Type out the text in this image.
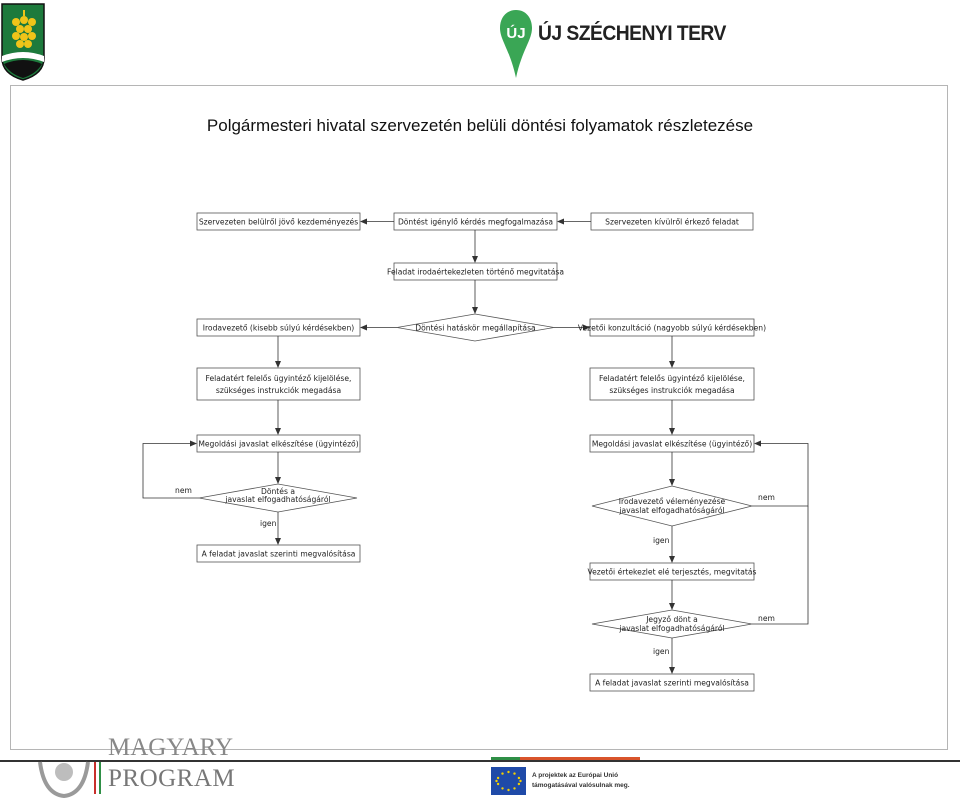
ÚJ ÚJ SZÉCHENYI TERV
Polgármesteri hivatal szervezetén belüli döntési folyamatok részletezése
Szervezeten belülről jövő kezdeményezés	Döntést igénylő kérdés megfogalmazása	Szervezeten kívülről érkező feladat
Feladat irodaértekezleten történő megvitatása
Irodavezető (kisebb súlyú kérdésekben)	Döntési hatáskör megállapítása	Vezetői konzultáció (nagyobb súlyú kérdésekben)
Feladatért felelős ügyintéző kijelölése,
szükséges instrukciók megadása
Feladatért felelős ügyintéző kijelölése,
szükséges instrukciók megadása
Megoldási javaslat elkészítése (ügyintéző)	Megoldási javaslat elkészítése (ügyintéző)
Döntés a
javaslat elfogadhatóságáról	Irodavezető véleményezése
javaslat elfogadhatóságáról
A feladat javaslat szerinti megvalósítása
Vezetői értekezlet elé terjesztés, megvitatás
Jegyző dönt a
javaslat elfogadhatóságáról
A feladat javaslat szerinti megvalósítása
nem
igen
nem
igen
nem
igen
MAGYARY
PROGRAM	A projektek az Európai Unió
támogatásával valósulnak meg.
